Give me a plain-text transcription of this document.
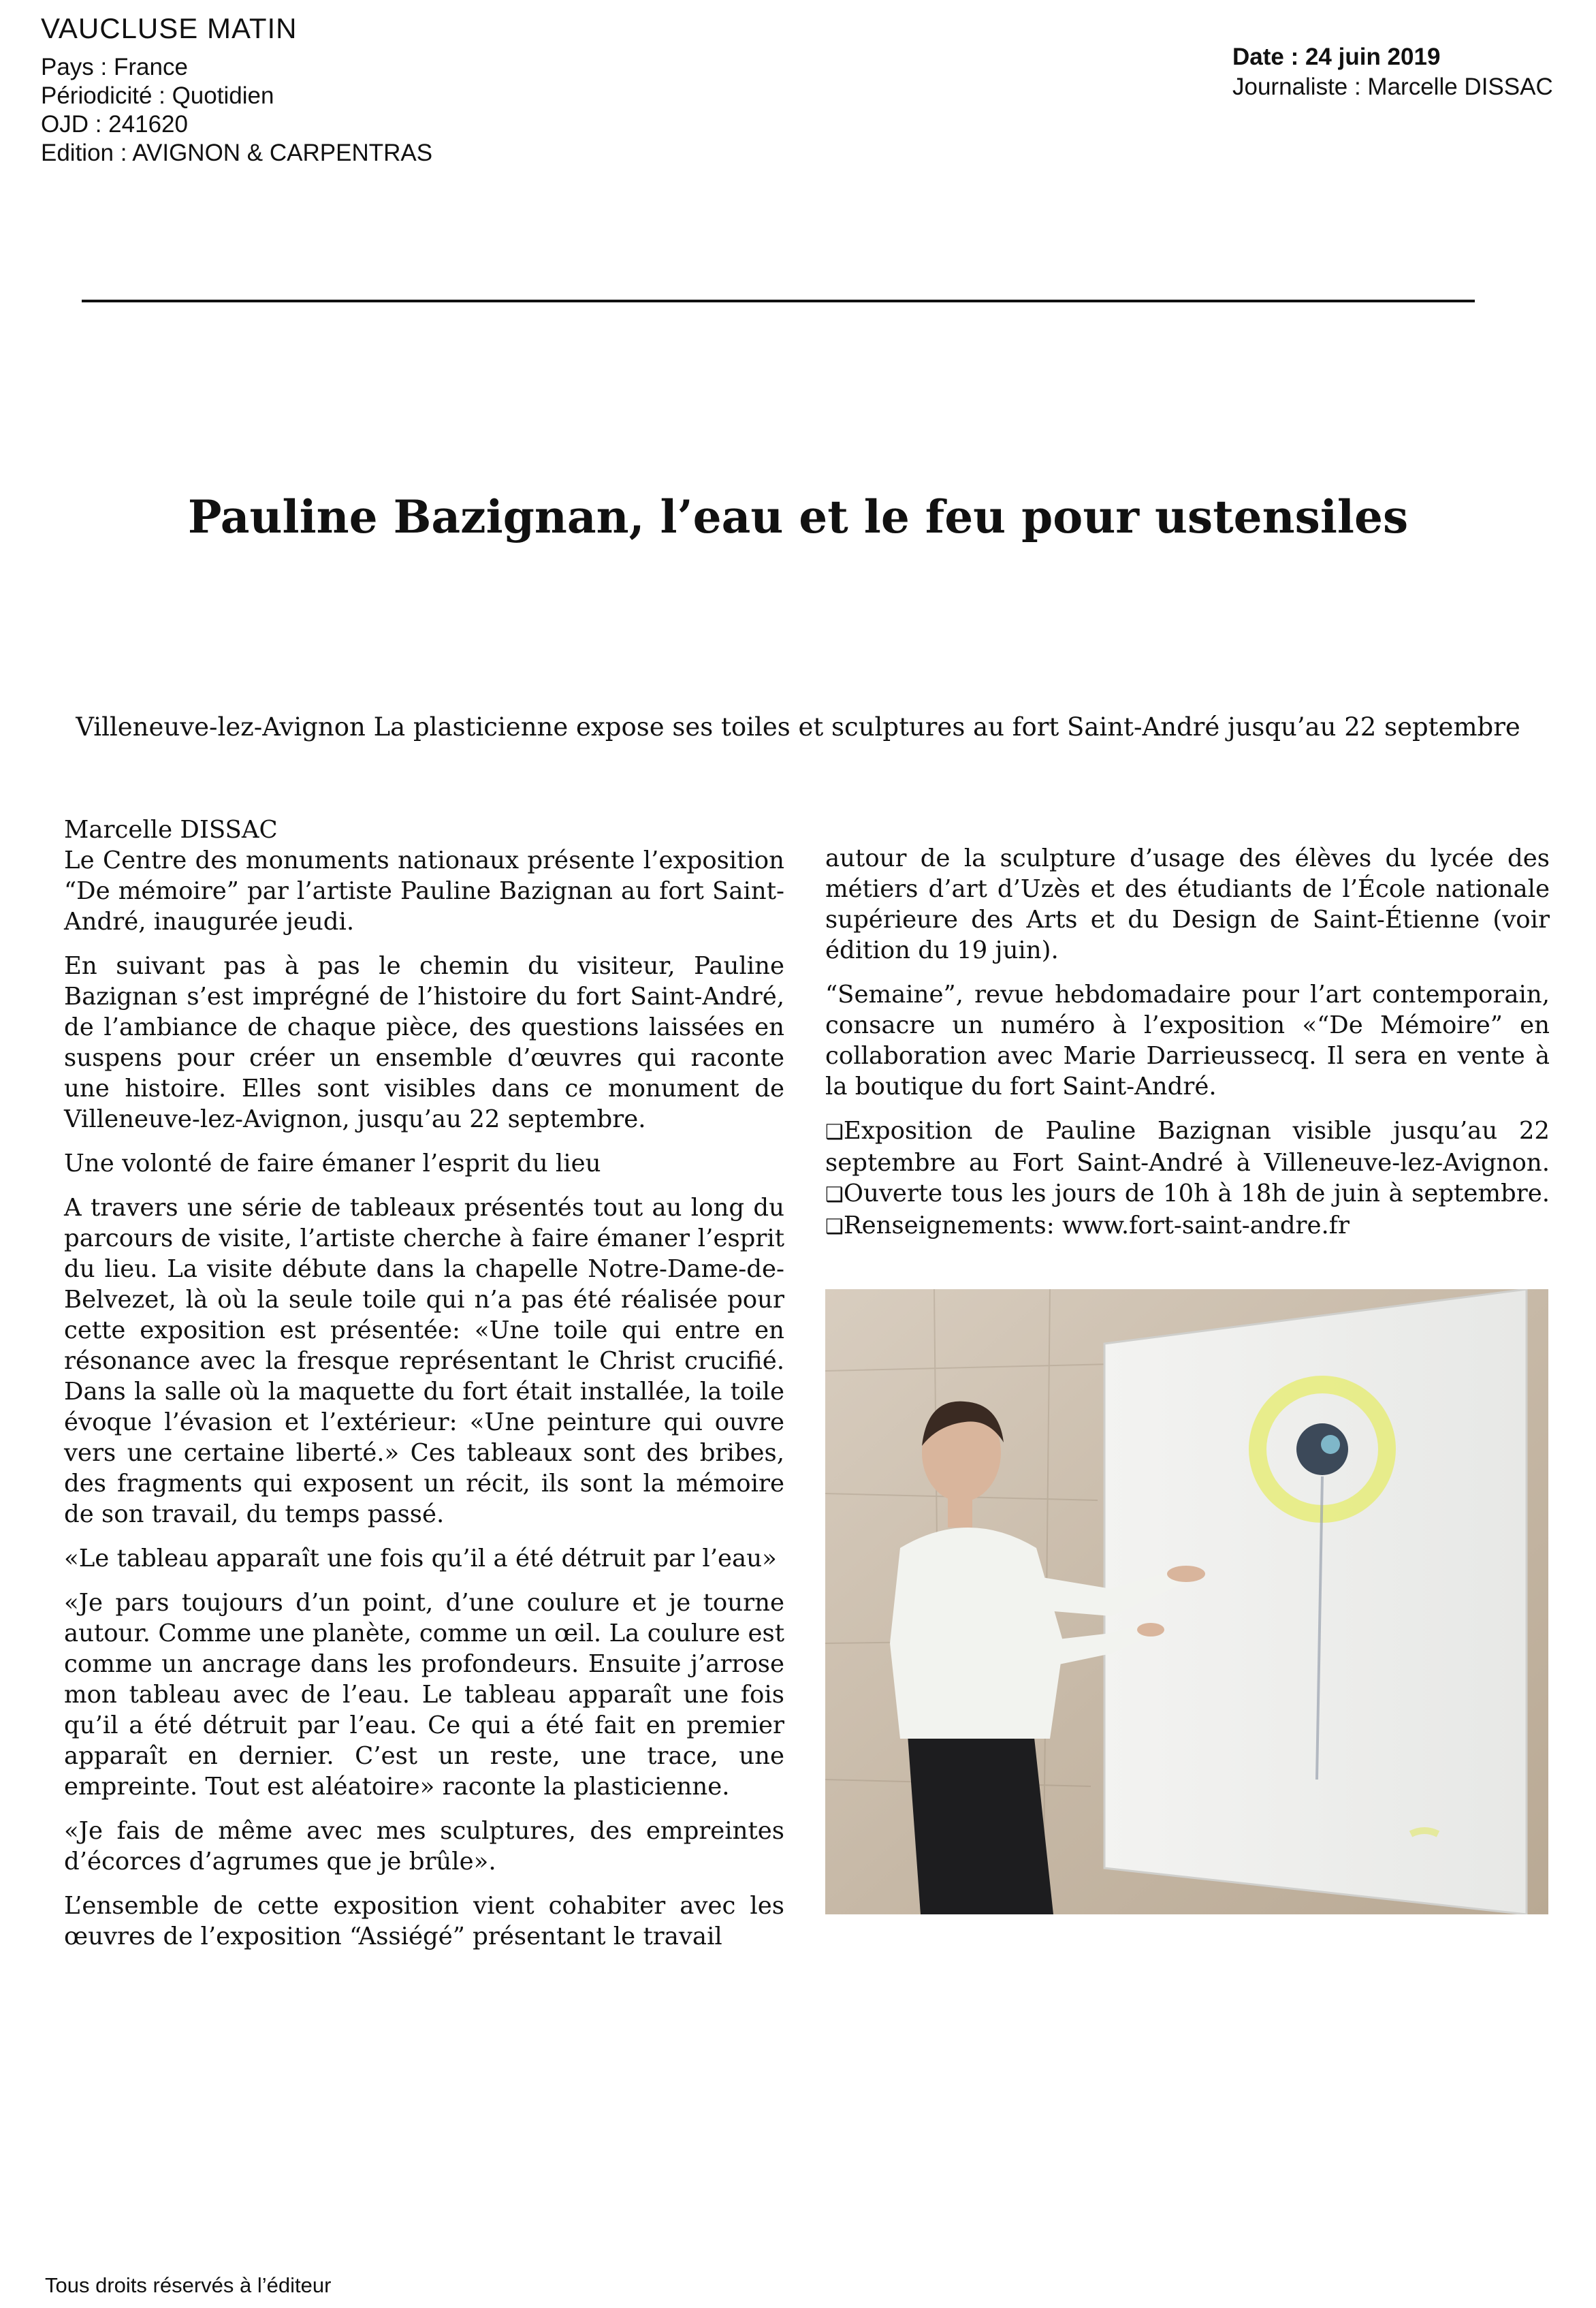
VAUCLUSE MATIN
Pays : France
Périodicité : Quotidien
OJD : 241620
Edition : AVIGNON & CARPENTRAS
Date : 24 juin 2019
Journaliste : Marcelle DISSAC
Pauline Bazignan, l’eau et le feu pour ustensiles

Villeneuve-lez-Avignon La plasticienne expose ses toiles et sculptures au fort Saint-André jusqu’au 22 septembre

Marcelle DISSAC

Le Centre des monuments nationaux présente l’exposition “De mémoire” par l’artiste Pauline Bazignan au fort Saint-André, inaugurée jeudi.

En suivant pas à pas le chemin du visiteur, Pauline Bazignan s’est imprégné de l’histoire du fort Saint-André, de l’ambiance de chaque pièce, des questions laissées en suspens pour créer un ensemble d’œuvres qui raconte une histoire. Elles sont visibles dans ce monument de Villeneuve-lez-Avignon, jusqu’au 22 septembre.

Une volonté de faire émaner l’esprit du lieu

A travers une série de tableaux présentés tout au long du parcours de visite, l’artiste cherche à faire émaner l’esprit du lieu. La visite débute dans la chapelle Notre-Dame-de-Belvezet, là où la seule toile qui n’a pas été réalisée pour cette exposition est présentée: «Une toile qui entre en résonance avec la fresque représentant le Christ crucifié. Dans la salle où la maquette du fort était installée, la toile évoque l’évasion et l’extérieur: «Une peinture qui ouvre vers une certaine liberté.» Ces tableaux sont des bribes, des fragments qui exposent un récit, ils sont la mémoire de son travail, du temps passé.

«Le tableau apparaît une fois qu’il a été détruit par l’eau»

«Je pars toujours d’un point, d’une coulure et je tourne autour. Comme une planète, comme un œil. La coulure est comme un ancrage dans les profondeurs. Ensuite j’arrose mon tableau avec de l’eau. Le tableau apparaît une fois qu’il a été détruit par l’eau. Ce qui a été fait en premier apparaît en dernier. C’est un reste, une trace, une empreinte. Tout est aléatoire» raconte la plasticienne.

«Je fais de même avec mes sculptures, des empreintes d’écorces d’agrumes que je brûle».

L’ensemble de cette exposition vient cohabiter avec les œuvres de l’exposition “Assiégé” présentant le travail

autour de la sculpture d’usage des élèves du lycée des métiers d’art d’Uzès et des étudiants de l’École nationale supérieure des Arts et du Design de Saint-Étienne (voir édition du 19 juin).

“Semaine”, revue hebdomadaire pour l’art contemporain, consacre un numéro à l’exposition «“De Mémoire” en collaboration avec Marie Darrieussecq. Il sera en vente à la boutique du fort Saint-André.

❑Exposition de Pauline Bazignan visible jusqu’au 22 septembre au Fort Saint-André à Villeneuve-lez-Avignon. ❑Ouverte tous les jours de 10h à 18h de juin à septembre. ❑Renseignements: www.fort-saint-andre.fr

Tous droits réservés à l’éditeur
